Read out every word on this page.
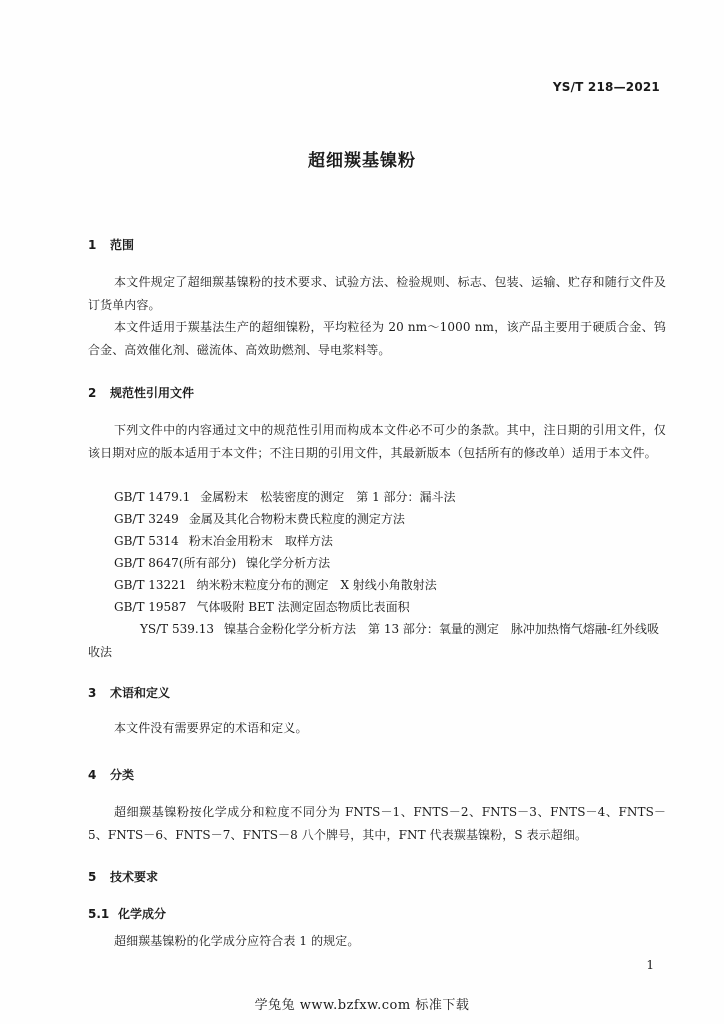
YS/T 218—2021
超细羰基镍粉
1 范围
本文件规定了超细羰基镍粉的技术要求、试验方法、检验规则、标志、包装、运输、贮存和随行文件及订货单内容。
本文件适用于羰基法生产的超细镍粉，平均粒径为 20 nm～1000 nm，该产品主要用于硬质合金、钨合金、高效催化剂、磁流体、高效助燃剂、导电浆料等。
2 规范性引用文件
下列文件中的内容通过文中的规范性引用而构成本文件必不可少的条款。其中，注日期的引用文件，仅该日期对应的版本适用于本文件；不注日期的引用文件，其最新版本（包括所有的修改单）适用于本文件。
GB/T 1479.1 金属粉末　松装密度的测定　第 1 部分：漏斗法
GB/T 3249 金属及其化合物粉末费氏粒度的测定方法
GB/T 5314 粉末冶金用粉末　取样方法
GB/T 8647(所有部分) 镍化学分析方法
GB/T 13221 纳米粉末粒度分布的测定　X 射线小角散射法
GB/T 19587 气体吸附 BET 法测定固态物质比表面积
YS/T 539.13 镍基合金粉化学分析方法　第 13 部分：氧量的测定　脉冲加热惰气熔融-红外线吸收法
3 术语和定义
本文件没有需要界定的术语和定义。
4 分类
超细羰基镍粉按化学成分和粒度不同分为 FNTS－1、FNTS－2、FNTS－3、FNTS－4、FNTS－5、FNTS－6、FNTS－7、FNTS－8 八个牌号，其中，FNT 代表羰基镍粉，S 表示超细。
5 技术要求
5.1 化学成分
超细羰基镍粉的化学成分应符合表 1 的规定。
1
学兔兔 www.bzfxw.com 标准下载
